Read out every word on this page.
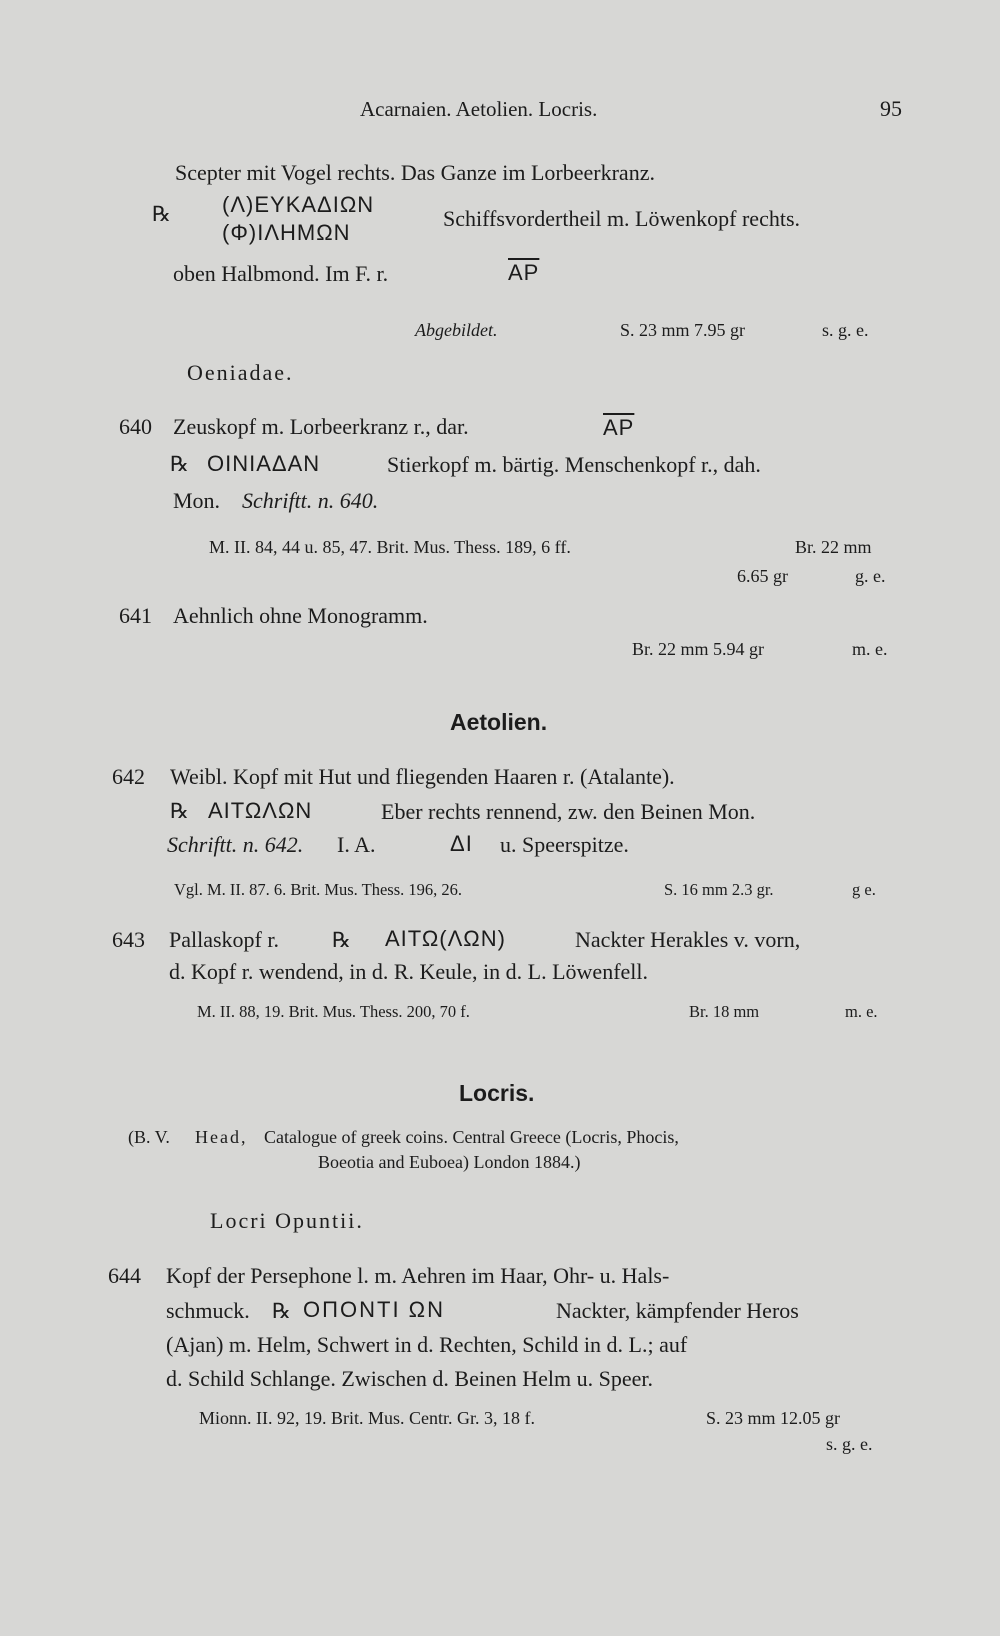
Acarnaien. Aetolien. Locris.	95
Scepter mit Vogel rechts. Das Ganze im Lorbeerkranz.
℞ (Λ)ΕΥΚΑΔΙΩΝ
(Φ)ΙΛΗΜΩΝ
Schiffsvordertheil m. Löwenkopf rechts.
oben Halbmond. Im F. r.	$\overline{AP}$
Abgebildet.	S. 23 mm 7.95 gr	s. g. e.
Oeniadae.
640 Zeuskopf m. Lorbeerkranz r., dar.	$\overline{AP}$
℞ ΟΙΝΙΑΔΑΝ	Stierkopf m. bärtig. Menschenkopf r., dah.
Mon. Schriftt. n. 640.
M. II. 84, 44 u. 85, 47. Brit. Mus. Thess. 189, 6 ff.	Br. 22 mm
6.65 gr	g. e.
641 Aehnlich ohne Monogramm.
Br. 22 mm 5.94 gr	m. e.
Aetolien.
642 Weibl. Kopf mit Hut und fliegenden Haaren r. (Atalante).
℞ ΑΙΤΩΛΩΝ	Eber rechts rennend, zw. den Beinen Mon.
Schriftt. n. 642. I. A.	ΔΙ u. Speerspitze.
Vgl. M. II. 87. 6. Brit. Mus. Thess. 196, 26.	S. 16 mm 2.3 gr.	g e.
643 Pallaskopf r.	℞ ΑΙΤΩ(ΛΩΝ)	Nackter Herakles v. vorn,
d. Kopf r. wendend, in d. R. Keule, in d. L. Löwenfell.
M. II. 88, 19. Brit. Mus. Thess. 200, 70 f.	Br. 18 mm	m. e.
Locris.
(B. V. Head, Catalogue of greek coins. Central Greece (Locris, Phocis,
Boeotia and Euboea) London 1884.)
Locri Opuntii.
644 Kopf der Persephone l. m. Aehren im Haar, Ohr- u. Hals-
schmuck. ℞ ΟΠΟΝΤΙ ΩΝ	Nackter, kämpfender Heros
(Ajan) m. Helm, Schwert in d. Rechten, Schild in d. L.; auf
d. Schild Schlange. Zwischen d. Beinen Helm u. Speer.
Mionn. II. 92, 19. Brit. Mus. Centr. Gr. 3, 18 f.	S. 23 mm 12.05 gr
s. g. e.
